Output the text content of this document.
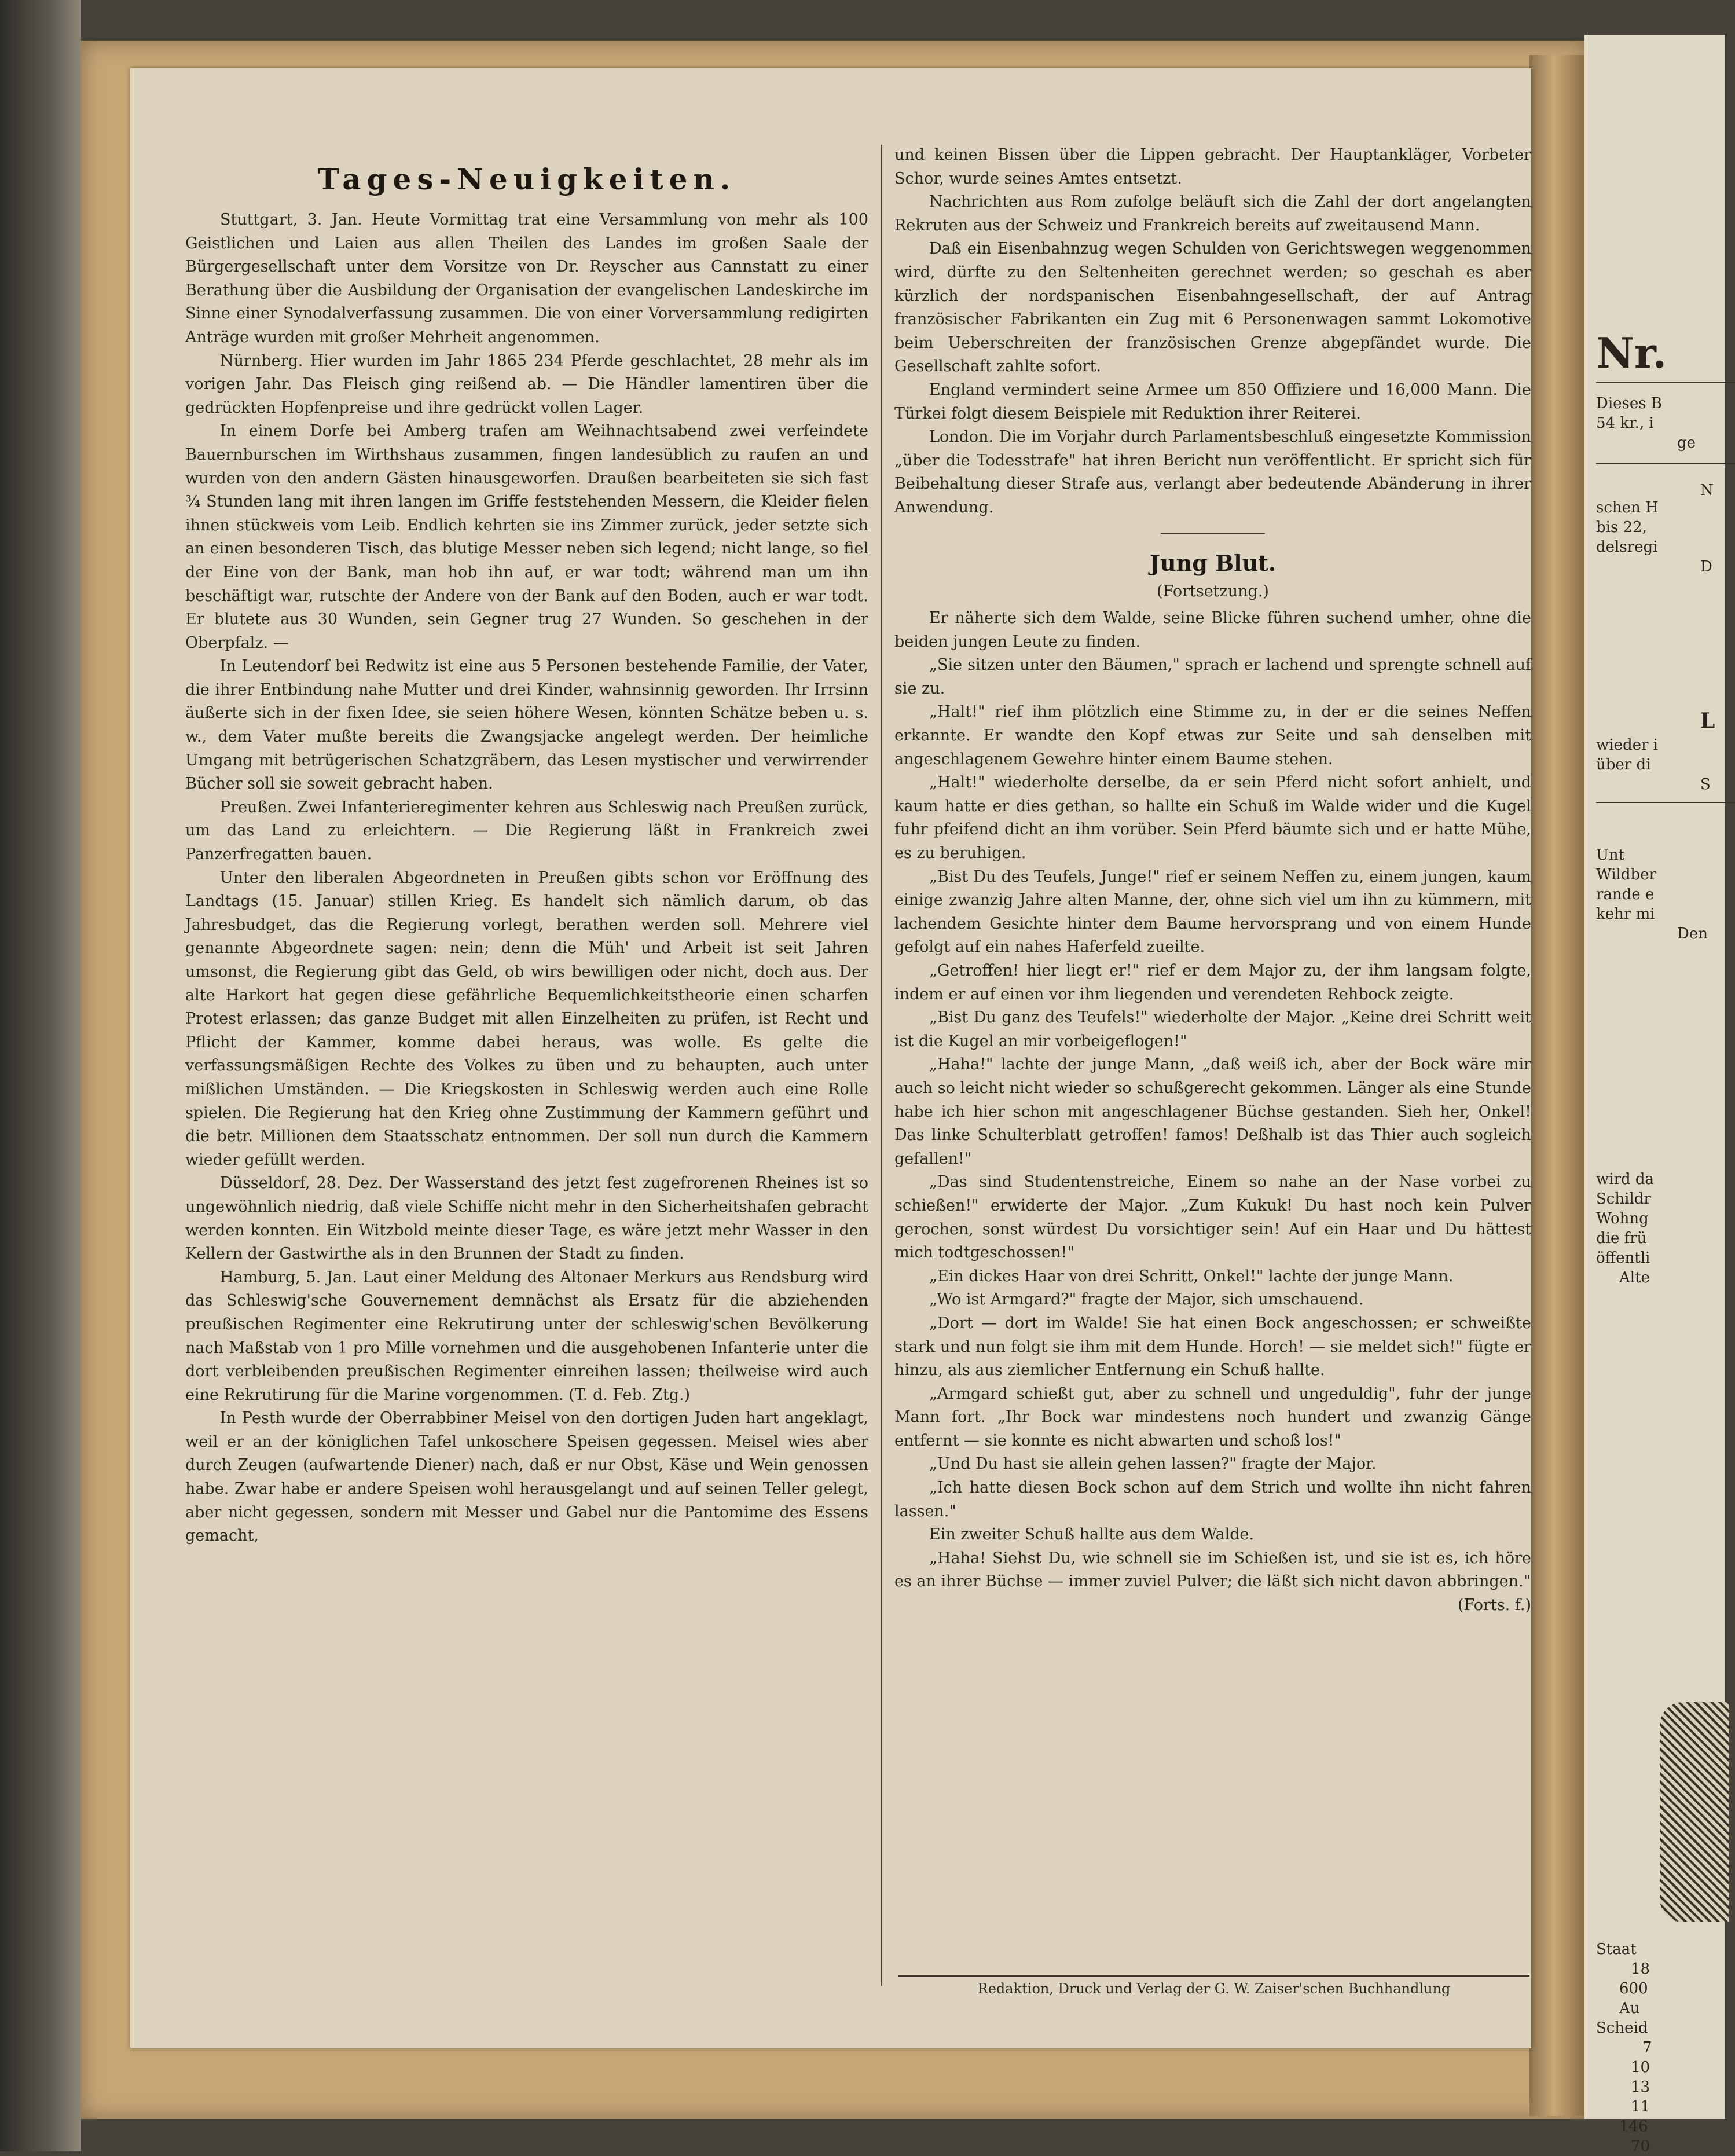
Tages-Neuigkeiten.

Stuttgart, 3. Jan. Heute Vormittag trat eine Versammlung von mehr als 100 Geistlichen und Laien aus allen Theilen des Landes im großen Saale der Bürgergesellschaft unter dem Vorsitze von Dr. Reyscher aus Cannstatt zu einer Berathung über die Ausbildung der Organisation der evangelischen Landeskirche im Sinne einer Synodalverfassung zusammen. Die von einer Vorversammlung redigirten Anträge wurden mit großer Mehrheit angenommen.

Nürnberg. Hier wurden im Jahr 1865 234 Pferde geschlachtet, 28 mehr als im vorigen Jahr. Das Fleisch ging reißend ab. — Die Händler lamentiren über die gedrückten Hopfenpreise und ihre gedrückt vollen Lager.

In einem Dorfe bei Amberg trafen am Weihnachtsabend zwei verfeindete Bauernburschen im Wirthshaus zusammen, fingen landesüblich zu raufen an und wurden von den andern Gästen hinausgeworfen. Draußen bearbeiteten sie sich fast ¾ Stunden lang mit ihren langen im Griffe feststehenden Messern, die Kleider fielen ihnen stückweis vom Leib. Endlich kehrten sie ins Zimmer zurück, jeder setzte sich an einen besonderen Tisch, das blutige Messer neben sich legend; nicht lange, so fiel der Eine von der Bank, man hob ihn auf, er war todt; während man um ihn beschäftigt war, rutschte der Andere von der Bank auf den Boden, auch er war todt. Er blutete aus 30 Wunden, sein Gegner trug 27 Wunden. So geschehen in der Oberpfalz. —

In Leutendorf bei Redwitz ist eine aus 5 Personen bestehende Familie, der Vater, die ihrer Entbindung nahe Mutter und drei Kinder, wahnsinnig geworden. Ihr Irrsinn äußerte sich in der fixen Idee, sie seien höhere Wesen, könnten Schätze beben u. s. w., dem Vater mußte bereits die Zwangsjacke angelegt werden. Der heimliche Umgang mit betrügerischen Schatzgräbern, das Lesen mystischer und verwirrender Bücher soll sie soweit gebracht haben.

Preußen. Zwei Infanterieregimenter kehren aus Schleswig nach Preußen zurück, um das Land zu erleichtern. — Die Regierung läßt in Frankreich zwei Panzerfregatten bauen.

Unter den liberalen Abgeordneten in Preußen gibts schon vor Eröffnung des Landtags (15. Januar) stillen Krieg. Es handelt sich nämlich darum, ob das Jahresbudget, das die Regierung vorlegt, berathen werden soll. Mehrere viel genannte Abgeordnete sagen: nein; denn die Müh' und Arbeit ist seit Jahren umsonst, die Regierung gibt das Geld, ob wirs bewilligen oder nicht, doch aus. Der alte Harkort hat gegen diese gefährliche Bequemlichkeitstheorie einen scharfen Protest erlassen; das ganze Budget mit allen Einzelheiten zu prüfen, ist Recht und Pflicht der Kammer, komme dabei heraus, was wolle. Es gelte die verfassungsmäßigen Rechte des Volkes zu üben und zu behaupten, auch unter mißlichen Umständen. — Die Kriegskosten in Schleswig werden auch eine Rolle spielen. Die Regierung hat den Krieg ohne Zustimmung der Kammern geführt und die betr. Millionen dem Staatsschatz entnommen. Der soll nun durch die Kammern wieder gefüllt werden.

Düsseldorf, 28. Dez. Der Wasserstand des jetzt fest zugefrorenen Rheines ist so ungewöhnlich niedrig, daß viele Schiffe nicht mehr in den Sicherheitshafen gebracht werden konnten. Ein Witzbold meinte dieser Tage, es wäre jetzt mehr Wasser in den Kellern der Gastwirthe als in den Brunnen der Stadt zu finden.

Hamburg, 5. Jan. Laut einer Meldung des Altonaer Merkurs aus Rendsburg wird das Schleswig'sche Gouvernement demnächst als Ersatz für die abziehenden preußischen Regimenter eine Rekrutirung unter der schleswig'schen Bevölkerung nach Maßstab von 1 pro Mille vornehmen und die ausgehobenen Infanterie unter die dort verbleibenden preußischen Regimenter einreihen lassen; theilweise wird auch eine Rekrutirung für die Marine vorgenommen. (T. d. Feb. Ztg.)

In Pesth wurde der Oberrabbiner Meisel von den dortigen Juden hart angeklagt, weil er an der königlichen Tafel unkoschere Speisen gegessen. Meisel wies aber durch Zeugen (aufwartende Diener) nach, daß er nur Obst, Käse und Wein genossen habe. Zwar habe er andere Speisen wohl herausgelangt und auf seinen Teller gelegt, aber nicht gegessen, sondern mit Messer und Gabel nur die Pantomime des Essens gemacht,

und keinen Bissen über die Lippen gebracht. Der Hauptankläger, Vorbeter Schor, wurde seines Amtes entsetzt.

Nachrichten aus Rom zufolge beläuft sich die Zahl der dort angelangten Rekruten aus der Schweiz und Frankreich bereits auf zweitausend Mann.

Daß ein Eisenbahnzug wegen Schulden von Gerichtswegen weggenommen wird, dürfte zu den Seltenheiten gerechnet werden; so geschah es aber kürzlich der nordspanischen Eisenbahngesellschaft, der auf Antrag französischer Fabrikanten ein Zug mit 6 Personenwagen sammt Lokomotive beim Ueberschreiten der französischen Grenze abgepfändet wurde. Die Gesellschaft zahlte sofort.

England vermindert seine Armee um 850 Offiziere und 16,000 Mann. Die Türkei folgt diesem Beispiele mit Reduktion ihrer Reiterei.

London. Die im Vorjahr durch Parlamentsbeschluß eingesetzte Kommission „über die Todesstrafe" hat ihren Bericht nun veröffentlicht. Er spricht sich für Beibehaltung dieser Strafe aus, verlangt aber bedeutende Abänderung in ihrer Anwendung.

Jung Blut.

(Fortsetzung.)

Er näherte sich dem Walde, seine Blicke führen suchend umher, ohne die beiden jungen Leute zu finden.

„Sie sitzen unter den Bäumen," sprach er lachend und sprengte schnell auf sie zu.

„Halt!" rief ihm plötzlich eine Stimme zu, in der er die seines Neffen erkannte. Er wandte den Kopf etwas zur Seite und sah denselben mit angeschlagenem Gewehre hinter einem Baume stehen.

„Halt!" wiederholte derselbe, da er sein Pferd nicht sofort anhielt, und kaum hatte er dies gethan, so hallte ein Schuß im Walde wider und die Kugel fuhr pfeifend dicht an ihm vorüber. Sein Pferd bäumte sich und er hatte Mühe, es zu beruhigen.

„Bist Du des Teufels, Junge!" rief er seinem Neffen zu, einem jungen, kaum einige zwanzig Jahre alten Manne, der, ohne sich viel um ihn zu kümmern, mit lachendem Gesichte hinter dem Baume hervorsprang und von einem Hunde gefolgt auf ein nahes Haferfeld zueilte.

„Getroffen! hier liegt er!" rief er dem Major zu, der ihm langsam folgte, indem er auf einen vor ihm liegenden und verendeten Rehbock zeigte.

„Bist Du ganz des Teufels!" wiederholte der Major. „Keine drei Schritt weit ist die Kugel an mir vorbeigeflogen!"

„Haha!" lachte der junge Mann, „daß weiß ich, aber der Bock wäre mir auch so leicht nicht wieder so schußgerecht gekommen. Länger als eine Stunde habe ich hier schon mit angeschlagener Büchse gestanden. Sieh her, Onkel! Das linke Schulterblatt getroffen! famos! Deßhalb ist das Thier auch sogleich gefallen!"

„Das sind Studentenstreiche, Einem so nahe an der Nase vorbei zu schießen!" erwiderte der Major. „Zum Kukuk! Du hast noch kein Pulver gerochen, sonst würdest Du vorsichtiger sein! Auf ein Haar und Du hättest mich todtgeschossen!"

„Ein dickes Haar von drei Schritt, Onkel!" lachte der junge Mann.

„Wo ist Armgard?" fragte der Major, sich umschauend.

„Dort — dort im Walde! Sie hat einen Bock angeschossen; er schweißte stark und nun folgt sie ihm mit dem Hunde. Horch! — sie meldet sich!" fügte er hinzu, als aus ziemlicher Entfernung ein Schuß hallte.

„Armgard schießt gut, aber zu schnell und ungeduldig", fuhr der junge Mann fort. „Ihr Bock war mindestens noch hundert und zwanzig Gänge entfernt — sie konnte es nicht abwarten und schoß los!"

„Und Du hast sie allein gehen lassen?" fragte der Major.

„Ich hatte diesen Bock schon auf dem Strich und wollte ihn nicht fahren lassen."

Ein zweiter Schuß hallte aus dem Walde.

„Haha! Siehst Du, wie schnell sie im Schießen ist, und sie ist es, ich höre es an ihrer Büchse — immer zuviel Pulver; die läßt sich nicht davon abbringen."

(Forts. f.)

Redaktion, Druck und Verlag der G. W. Zaiser'schen Buchhandlung
Nr.
Dieses B
54 kr., i
ge
N
schen H
bis 22,
delsregi
D
L
wieder i
über di
S
Unt
Wildber
rande e
kehr mi
Den
wird da
Schildr
Wohng
die frü
öffentli
Alte
Staat
18
600
Au
Scheid
7
10
13
11
146
70
